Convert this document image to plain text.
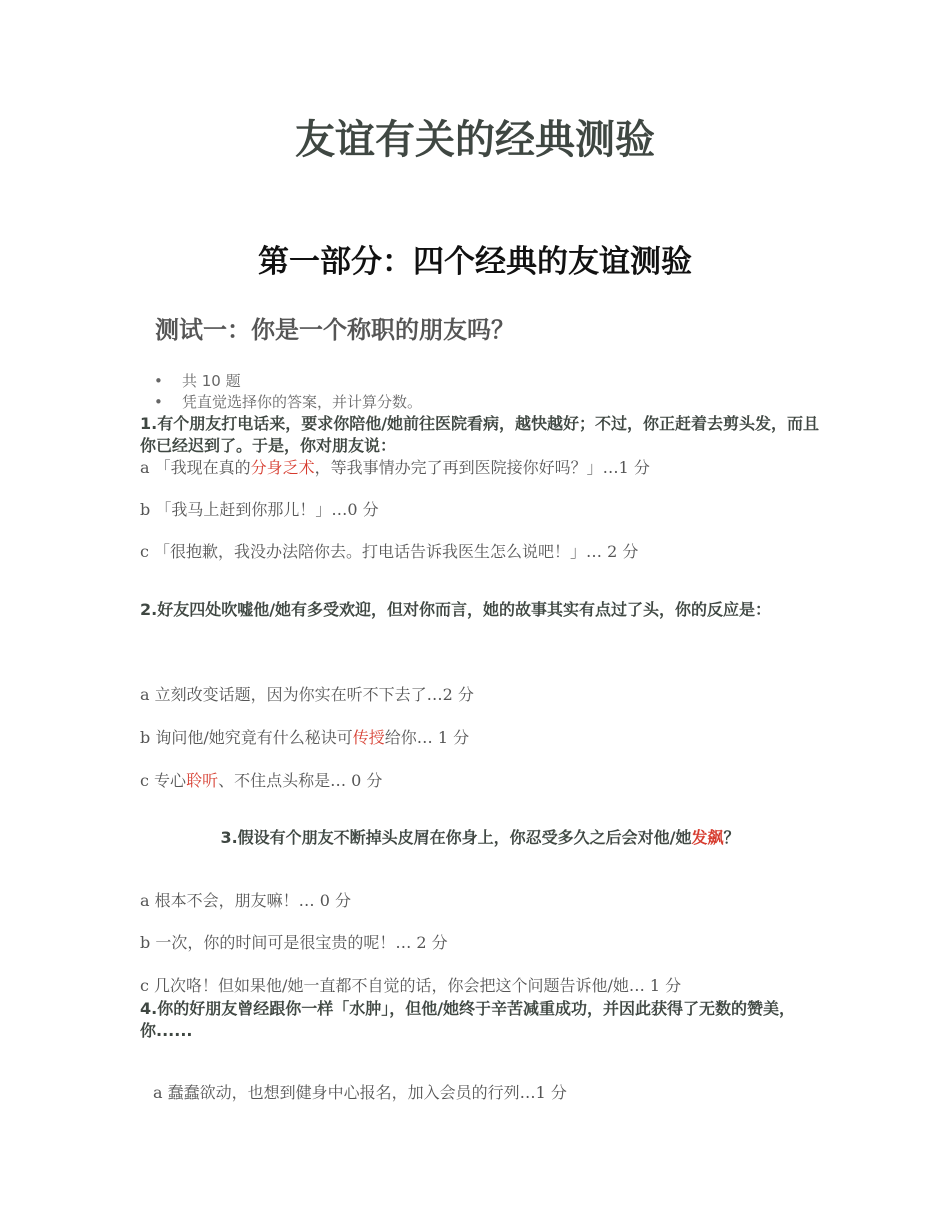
友谊有关的经典测验
第一部分：四个经典的友谊测验
测试一：你是一个称职的朋友吗？
• 共 10 题
• 凭直觉选择你的答案，并计算分数。

1.有个朋友打电话来，要求你陪他/她前往医院看病，越快越好；不过，你正赶着去剪头发，而且你已经迟到了。于是，你对朋友说：

a 「我现在真的分身乏术，等我事情办完了再到医院接你好吗？」…1 分

b 「我马上赶到你那儿！」…0 分

c 「很抱歉，我没办法陪你去。打电话告诉我医生怎么说吧！」… 2 分

2.好友四处吹嘘他/她有多受欢迎，但对你而言，她的故事其实有点过了头，你的反应是：

a 立刻改变话题，因为你实在听不下去了…2 分

b 询问他/她究竟有什么秘诀可传授给你… 1 分

c 专心聆听、不住点头称是… 0 分

3.假设有个朋友不断掉头皮屑在你身上，你忍受多久之后会对他/她发飙？

a 根本不会，朋友嘛！… 0 分

b 一次，你的时间可是很宝贵的呢！… 2 分

c 几次咯！但如果他/她一直都不自觉的话，你会把这个问题告诉他/她… 1 分

4.你的好朋友曾经跟你一样「水肿」，但他/她终于辛苦减重成功，并因此获得了无数的赞美，你......

a 蠢蠢欲动，也想到健身中心报名，加入会员的行列…1 分
